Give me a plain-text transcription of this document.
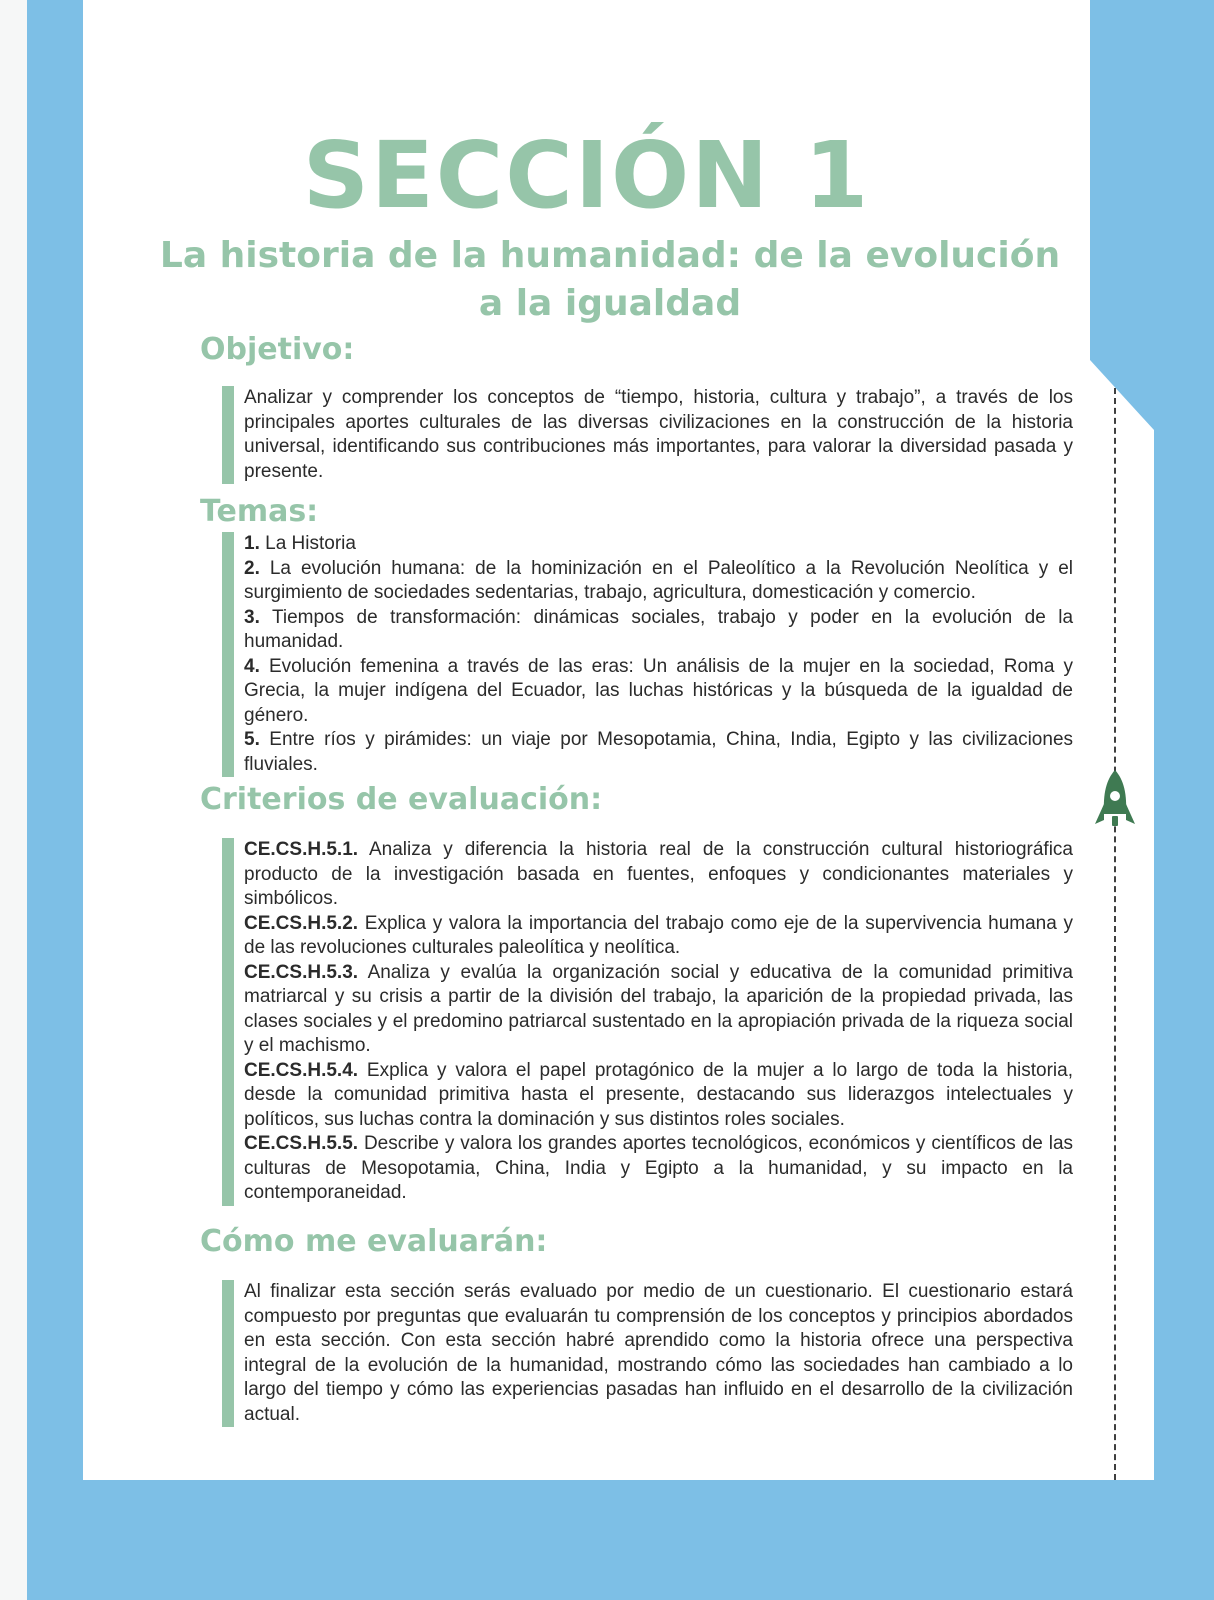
SECCIÓN 1
La historia de la humanidad: de la evolución a la igualdad
Objetivo:

Analizar y comprender los conceptos de “tiempo, historia, cultura y trabajo”, a través de los principales aportes culturales de las diversas civilizaciones en la construcción de la historia universal, identificando sus contribuciones más importantes, para valorar la diversidad pasada y presente.

Temas:

1. La Historia

2. La evolución humana: de la hominización en el Paleolítico a la Revolución Neolítica y el surgimiento de sociedades sedentarias, trabajo, agricultura, domesticación y comercio.

3. Tiempos de transformación: dinámicas sociales, trabajo y poder en la evolución de la humanidad.

4. Evolución femenina a través de las eras: Un análisis de la mujer en la sociedad, Roma y Grecia, la mujer indígena del Ecuador, las luchas históricas y la búsqueda de la igualdad de género.

5. Entre ríos y pirámides: un viaje por Mesopotamia, China, India, Egipto y las civilizaciones fluviales.

Criterios de evaluación:

CE.CS.H.5.1. Analiza y diferencia la historia real de la construcción cultural historiográfica producto de la investigación basada en fuentes, enfoques y condicionantes materiales y simbólicos.

CE.CS.H.5.2. Explica y valora la importancia del trabajo como eje de la supervivencia humana y de las revoluciones culturales paleolítica y neolítica.

CE.CS.H.5.3. Analiza y evalúa la organización social y educativa de la comunidad primitiva matriarcal y su crisis a partir de la división del trabajo, la aparición de la propiedad privada, las clases sociales y el predomino patriarcal sustentado en la apropiación privada de la riqueza social y el machismo.

CE.CS.H.5.4. Explica y valora el papel protagónico de la mujer a lo largo de toda la historia, desde la comunidad primitiva hasta el presente, destacando sus liderazgos intelectuales y políticos, sus luchas contra la dominación y sus distintos roles sociales.

CE.CS.H.5.5. Describe y valora los grandes aportes tecnológicos, económicos y científicos de las culturas de Mesopotamia, China, India y Egipto a la humanidad, y su impacto en la contemporaneidad.

Cómo me evaluarán:

Al finalizar esta sección serás evaluado por medio de un cuestionario. El cuestionario estará compuesto por preguntas que evaluarán tu comprensión de los conceptos y principios abordados en esta sección. Con esta sección habré aprendido como la historia ofrece una perspectiva integral de la evolución de la humanidad, mostrando cómo las sociedades han cambiado a lo largo del tiempo y cómo las experiencias pasadas han influido en el desarrollo de la civilización actual.
